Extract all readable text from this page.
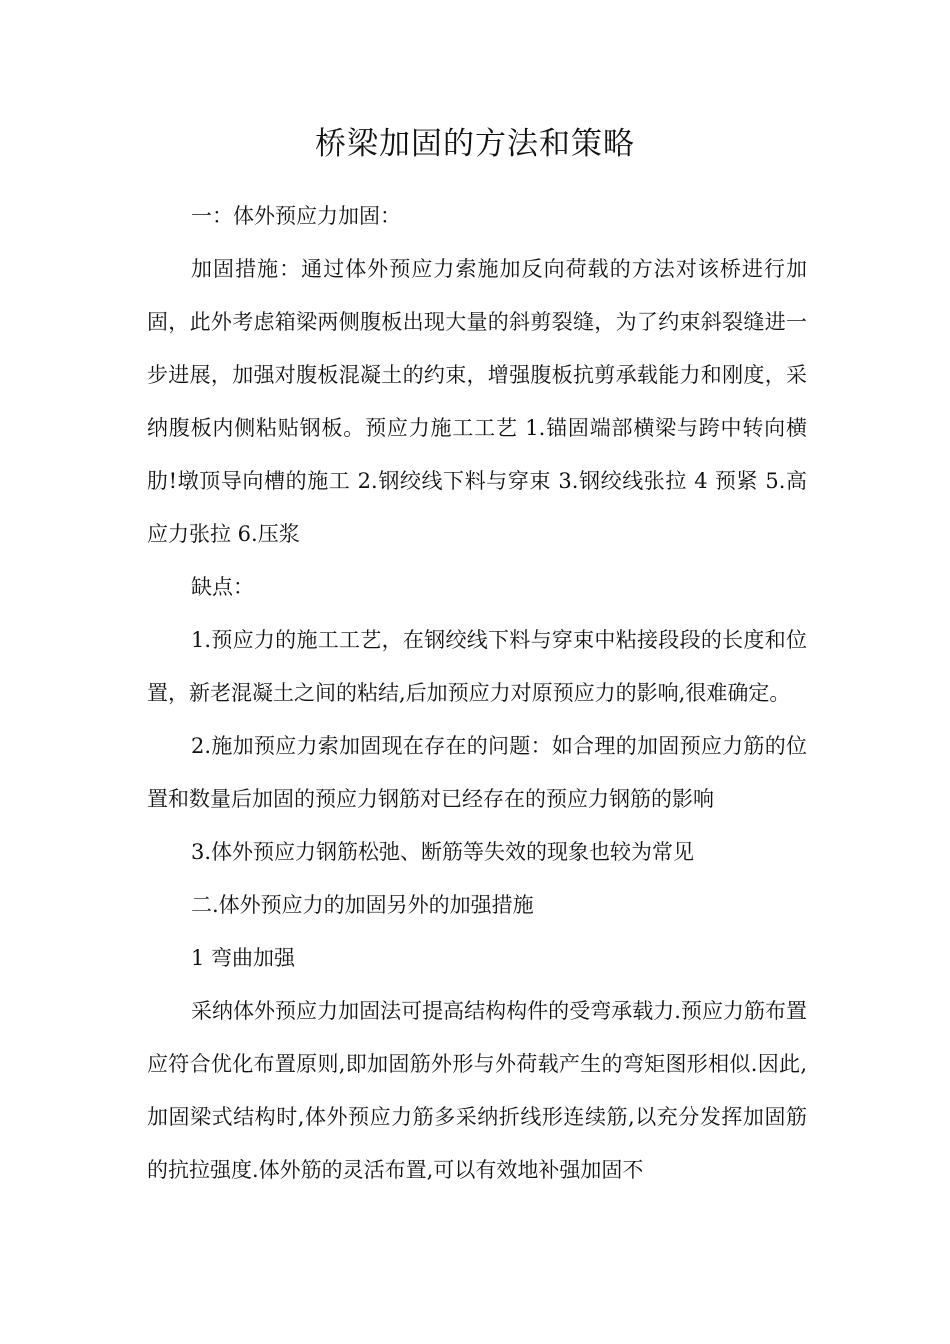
桥梁加固的方法和策略

一：体外预应力加固：

加固措施：通过体外预应力索施加反向荷载的方法对该桥进行加固，此外考虑箱梁两侧腹板出现大量的斜剪裂缝，为了约束斜裂缝进一步进展，加强对腹板混凝土的约束，增强腹板抗剪承载能力和刚度，采纳腹板内侧粘贴钢板。预应力施工工艺 1.锚固端部横梁与跨中转向横肋!墩顶导向槽的施工 2.钢绞线下料与穿束 3.钢绞线张拉 4 预紧 5.高应力张拉 6.压浆

缺点：

1.预应力的施工工艺，在钢绞线下料与穿束中粘接段段的长度和位置，新老混凝土之间的粘结,后加预应力对原预应力的影响,很难确定。

2.施加预应力索加固现在存在的问题：如合理的加固预应力筋的位置和数量后加固的预应力钢筋对已经存在的预应力钢筋的影响

3.体外预应力钢筋松弛、断筋等失效的现象也较为常见

二.体外预应力的加固另外的加强措施

1 弯曲加强

采纳体外预应力加固法可提高结构构件的受弯承载力.预应力筋布置应符合优化布置原则,即加固筋外形与外荷载产生的弯矩图形相似.因此,加固梁式结构时,体外预应力筋多采纳折线形连续筋,以充分发挥加固筋的抗拉强度.体外筋的灵活布置,可以有效地补强加固不
